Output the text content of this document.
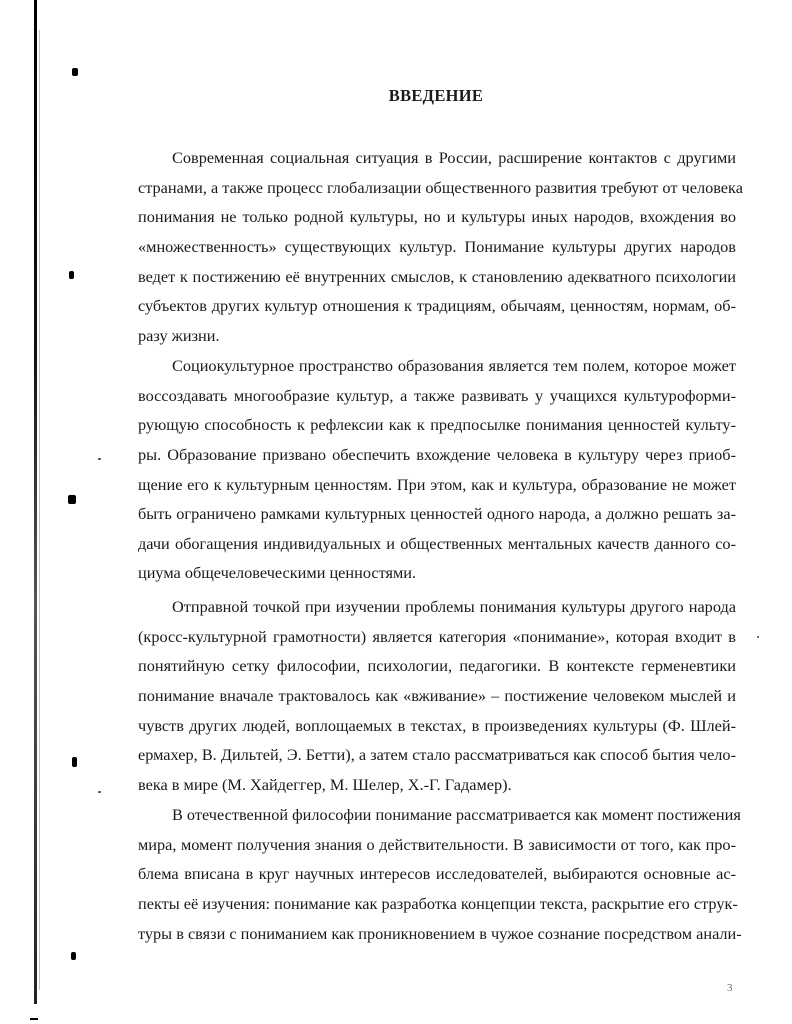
ВВЕДЕНИЕ
Современная социальная ситуация в России, расширение контактов с другими
странами, а также процесс глобализации общественного развития требуют от человека
понимания не только родной культуры, но и культуры иных народов, вхождения во
«множественность» существующих культур. Понимание культуры других народов
ведет к постижению её внутренних смыслов, к становлению адекватного психологии
субъектов других культур отношения к традициям, обычаям, ценностям, нормам, об-
разу жизни.
Социокультурное пространство образования является тем полем, которое может
воссоздавать многообразие культур, а также развивать у учащихся культуроформи-
рующую способность к рефлексии как к предпосылке понимания ценностей культу-
ры. Образование призвано обеспечить вхождение человека в культуру через приоб-
щение его к культурным ценностям. При этом, как и культура, образование не может
быть ограничено рамками культурных ценностей одного народа, а должно решать за-
дачи обогащения индивидуальных и общественных ментальных качеств данного со-
циума общечеловеческими ценностями.
Отправной точкой при изучении проблемы понимания культуры другого народа
(кросс-культурной грамотности) является категория «понимание», которая входит в
понятийную сетку философии, психологии, педагогики. В контексте герменевтики
понимание вначале трактовалось как «вживание» – постижение человеком мыслей и
чувств других людей, воплощаемых в текстах, в произведениях культуры (Ф. Шлей-
ермахер, В. Дильтей, Э. Бетти), а затем стало рассматриваться как способ бытия чело-
века в мире (М. Хайдеггер, М. Шелер, Х.-Г. Гадамер).
В отечественной философии понимание рассматривается как момент постижения
мира, момент получения знания о действительности. В зависимости от того, как про-
блема вписана в круг научных интересов исследователей, выбираются основные ас-
пекты её изучения: понимание как разработка концепции текста, раскрытие его струк-
туры в связи с пониманием как проникновением в чужое сознание посредством анали-
3
